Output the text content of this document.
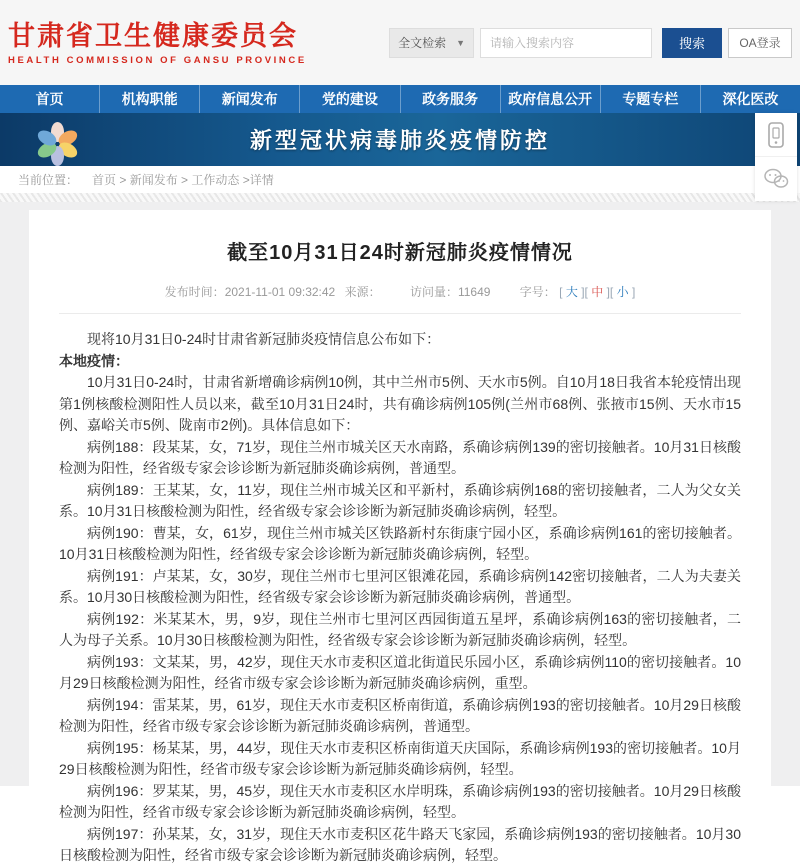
甘肃省卫生健康委员会
HEALTH COMMISSION OF GANSU PROVINCE
全文检索 ▼
请输入搜索内容	搜索	OA登录
首页	机构职能	新闻发布	党的建设	政务服务	政府信息公开	专题专栏	深化医改
新型冠状病毒肺炎疫情防控
当前位置： 首页 > 新闻发布 > 工作动态 >详情
截至10月31日24时新冠肺炎疫情情况
发布时间：2021-11-01 09:32:42 来源： 访问量：11649 字号： [ 大 ][ 中 ][ 小 ]

现将10月31日0-24时甘肃省新冠肺炎疫情信息公布如下：

本地疫情：

10月31日0-24时，甘肃省新增确诊病例10例，其中兰州市5例、天水市5例。自10月18日我省本轮疫情出现第1例核酸检测阳性人员以来，截至10月31日24时，共有确诊病例105例(兰州市68例、张掖市15例、天水市15例、嘉峪关市5例、陇南市2例)。具体信息如下：

病例188：段某某，女，71岁，现住兰州市城关区天水南路，系确诊病例139的密切接触者。10月31日核酸检测为阳性，经省级专家会诊诊断为新冠肺炎确诊病例，普通型。

病例189：王某某，女，11岁，现住兰州市城关区和平新村，系确诊病例168的密切接触者，二人为父女关系。10月31日核酸检测为阳性，经省级专家会诊诊断为新冠肺炎确诊病例，轻型。

病例190：曹某，女，61岁，现住兰州市城关区铁路新村东街康宁园小区，系确诊病例161的密切接触者。10月31日核酸检测为阳性，经省级专家会诊诊断为新冠肺炎确诊病例，轻型。

病例191：卢某某，女，30岁，现住兰州市七里河区银滩花园，系确诊病例142密切接触者，二人为夫妻关系。10月30日核酸检测为阳性，经省级专家会诊诊断为新冠肺炎确诊病例，普通型。

病例192：米某某木，男，9岁，现住兰州市七里河区西园街道五星坪，系确诊病例163的密切接触者，二人为母子关系。10月30日核酸检测为阳性，经省级专家会诊诊断为新冠肺炎确诊病例，轻型。

病例193：文某某，男，42岁，现住天水市麦积区道北街道民乐园小区，系确诊病例110的密切接触者。10月29日核酸检测为阳性，经省市级专家会诊诊断为新冠肺炎确诊病例，重型。

病例194：雷某某，男，61岁，现住天水市麦积区桥南街道，系确诊病例193的密切接触者。10月29日核酸检测为阳性，经省市级专家会诊诊断为新冠肺炎确诊病例，普通型。

病例195：杨某某，男，44岁，现住天水市麦积区桥南街道天庆国际，系确诊病例193的密切接触者。10月29日核酸检测为阳性，经省市级专家会诊诊断为新冠肺炎确诊病例，轻型。

病例196：罗某某，男，45岁，现住天水市麦积区水岸明珠，系确诊病例193的密切接触者。10月29日核酸检测为阳性，经省市级专家会诊诊断为新冠肺炎确诊病例，轻型。

病例197：孙某某，女，31岁，现住天水市麦积区花牛路天飞家园，系确诊病例193的密切接触者。10月30日核酸检测为阳性，经省市级专家会诊诊断为新冠肺炎确诊病例，轻型。
